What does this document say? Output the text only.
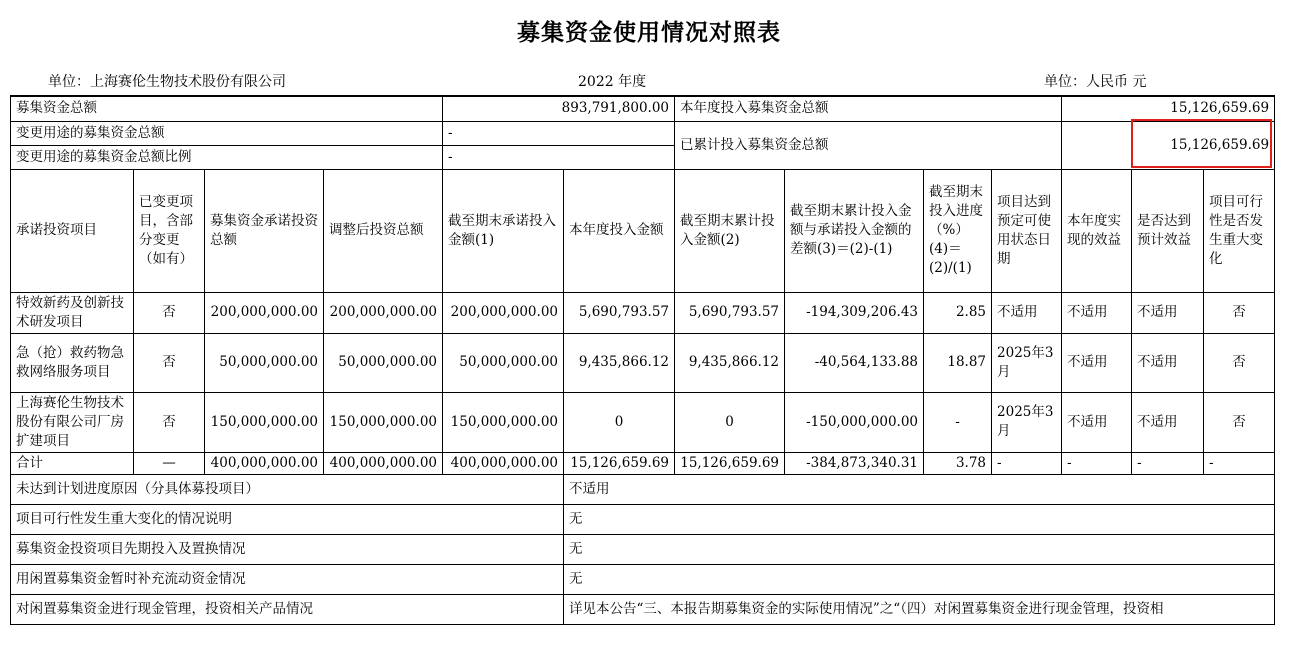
募集资金使用情况对照表
单位：上海赛伦生物技术股份有限公司	2022 年度	单位：人民币 元
募集资金总额				893,791,800.00		本年度投入募集资金总额				15,126,659.69		
变更用途的募集资金总额				-		已累计投入募集资金总额				15,126,659.69		
变更用途的募集资金总额比例				-								
承诺投资项目	已变更项目，含部分变更（如有）	募集资金承诺投资总额	调整后投资总额	截至期末承诺投入金额(1)	本年度投入金额	截至期末累计投入金额(2)	截至期末累计投入金额与承诺投入金额的差额(3)＝(2)-(1)	截至期末投入进度（%）(4)＝(2)/(1)	项目达到预定可使用状态日期	本年度实现的效益	是否达到预计效益	项目可行性是否发生重大变化
特效新药及创新技术研发项目	否	200,000,000.00	200,000,000.00	200,000,000.00	5,690,793.57	5,690,793.57	-194,309,206.43	2.85	不适用	不适用	不适用	否
急（抢）救药物急救网络服务项目	否	50,000,000.00	50,000,000.00	50,000,000.00	9,435,866.12	9,435,866.12	-40,564,133.88	18.87	2025年3月	不适用	不适用	否
上海赛伦生物技术股份有限公司厂房扩建项目	否	150,000,000.00	150,000,000.00	150,000,000.00	0	0	-150,000,000.00	-	2025年3月	不适用	不适用	否
合计	—	400,000,000.00	400,000,000.00	400,000,000.00	15,126,659.69	15,126,659.69	-384,873,340.31	3.78	-	-	-	-
未达到计划进度原因（分具体募投项目）					不适用							
项目可行性发生重大变化的情况说明					无							
募集资金投资项目先期投入及置换情况					无							
用闲置募集资金暂时补充流动资金情况					无							
对闲置募集资金进行现金管理，投资相关产品情况					详见本公告“三、本报告期募集资金的实际使用情况”之“（四）对闲置募集资金进行现金管理，投资相							
